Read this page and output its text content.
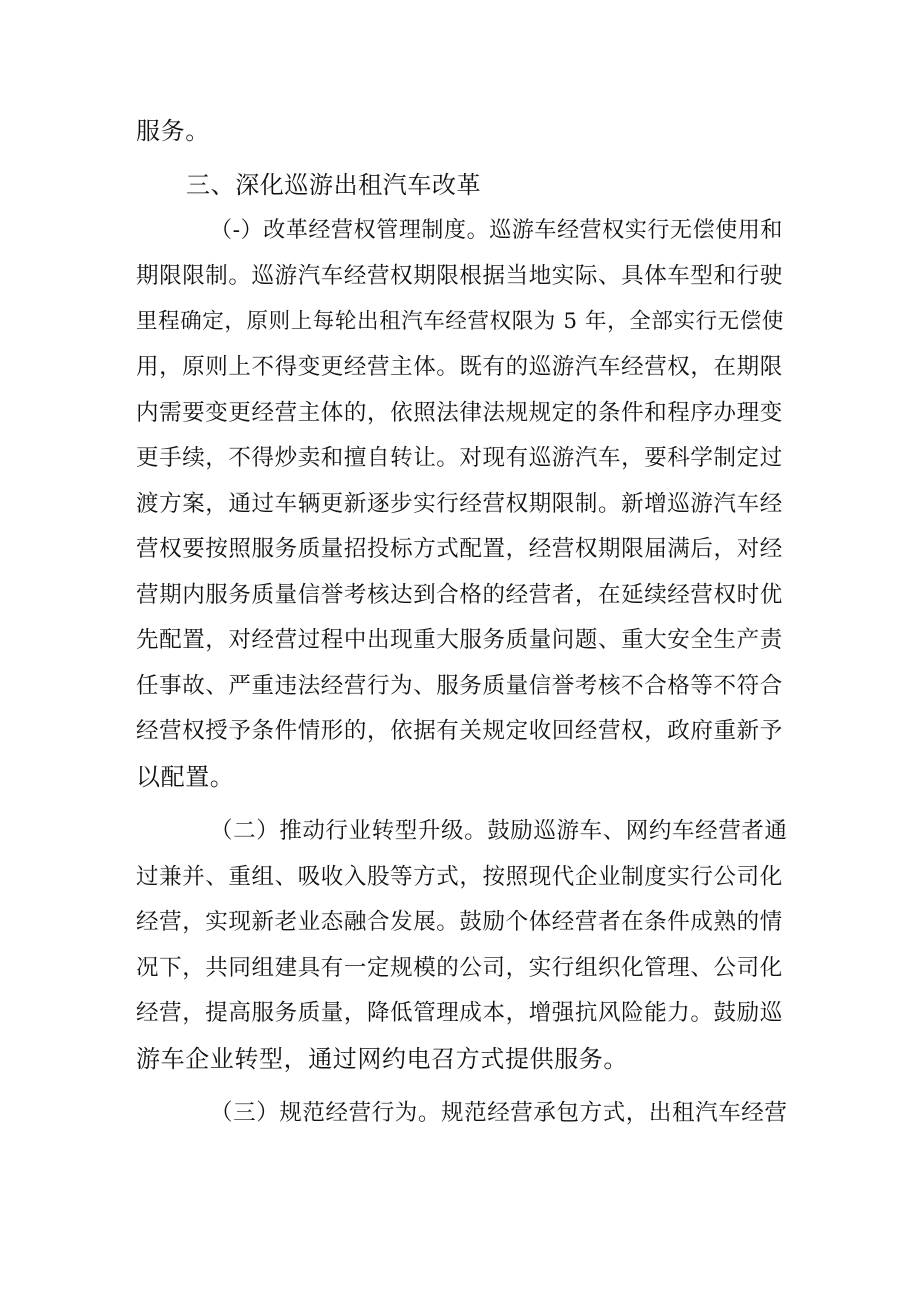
服务。
三、深化巡游出租汽车改革
（-）改革经营权管理制度。巡游车经营权实行无偿使用和
期限限制。巡游汽车经营权期限根据当地实际、具体车型和行驶
里程确定，原则上每轮出租汽车经营权限为 5 年，全部实行无偿使
用，原则上不得变更经营主体。既有的巡游汽车经营权，在期限
内需要变更经营主体的，依照法律法规规定的条件和程序办理变
更手续，不得炒卖和擅自转让。对现有巡游汽车，要科学制定过
渡方案，通过车辆更新逐步实行经营权期限制。新增巡游汽车经
营权要按照服务质量招投标方式配置，经营权期限届满后，对经
营期内服务质量信誉考核达到合格的经营者，在延续经营权时优
先配置，对经营过程中出现重大服务质量问题、重大安全生产责
任事故、严重违法经营行为、服务质量信誉考核不合格等不符合
经营权授予条件情形的，依据有关规定收回经营权，政府重新予
以配置。
（二）推动行业转型升级。鼓励巡游车、网约车经营者通
过兼并、重组、吸收入股等方式，按照现代企业制度实行公司化
经营，实现新老业态融合发展。鼓励个体经营者在条件成熟的情
况下，共同组建具有一定规模的公司，实行组织化管理、公司化
经营，提高服务质量，降低管理成本，增强抗风险能力。鼓励巡
游车企业转型，通过网约电召方式提供服务。
（三）规范经营行为。规范经营承包方式，出租汽车经营
